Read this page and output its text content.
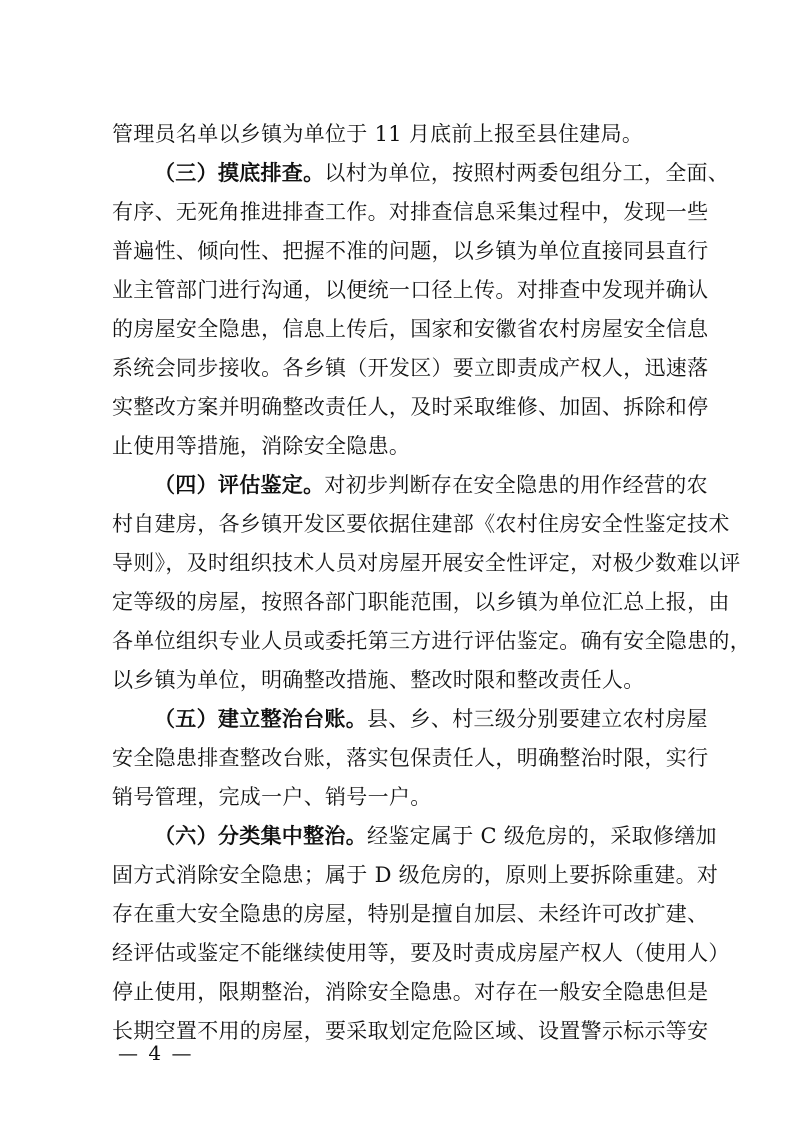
管理员名单以乡镇为单位于 11 月底前上报至县住建局。
（三）摸底排查。以村为单位，按照村两委包组分工，全面、
有序、无死角推进排查工作。对排查信息采集过程中，发现一些
普遍性、倾向性、把握不准的问题，以乡镇为单位直接同县直行
业主管部门进行沟通，以便统一口径上传。对排查中发现并确认
的房屋安全隐患，信息上传后，国家和安徽省农村房屋安全信息
系统会同步接收。各乡镇（开发区）要立即责成产权人，迅速落
实整改方案并明确整改责任人，及时采取维修、加固、拆除和停
止使用等措施，消除安全隐患。
（四）评估鉴定。对初步判断存在安全隐患的用作经营的农
村自建房，各乡镇开发区要依据住建部《农村住房安全性鉴定技术
导则》，及时组织技术人员对房屋开展安全性评定，对极少数难以评
定等级的房屋，按照各部门职能范围，以乡镇为单位汇总上报，由
各单位组织专业人员或委托第三方进行评估鉴定。确有安全隐患的，
以乡镇为单位，明确整改措施、整改时限和整改责任人。
（五）建立整治台账。县、乡、村三级分别要建立农村房屋
安全隐患排查整改台账，落实包保责任人，明确整治时限，实行
销号管理，完成一户、销号一户。
（六）分类集中整治。经鉴定属于 C 级危房的，采取修缮加
固方式消除安全隐患；属于 D 级危房的，原则上要拆除重建。对
存在重大安全隐患的房屋，特别是擅自加层、未经许可改扩建、
经评估或鉴定不能继续使用等，要及时责成房屋产权人（使用人）
停止使用，限期整治，消除安全隐患。对存在一般安全隐患但是
长期空置不用的房屋，要采取划定危险区域、设置警示标示等安
— 4 —
